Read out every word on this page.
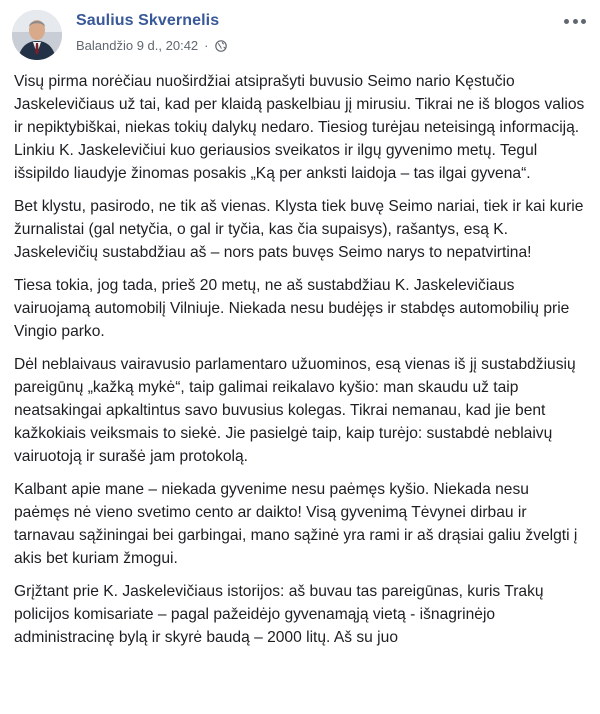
Saulius Skvernelis
Balandžio 9 d., 20:42 ·

Visų pirma norėčiau nuoširdžiai atsiprašyti buvusio Seimo nario Kęstučio Jaskelevičiaus už tai, kad per klaidą paskelbiau jį mirusiu. Tikrai ne iš blogos valios ir nepiktybiškai, niekas tokių dalykų nedaro. Tiesiog turėjau neteisingą informaciją. Linkiu K. Jaskelevičiui kuo geriausios sveikatos ir ilgų gyvenimo metų. Tegul išsipildo liaudyje žinomas posakis „Ką per anksti laidoja – tas ilgai gyvena“.

Bet klystu, pasirodo, ne tik aš vienas. Klysta tiek buvę Seimo nariai, tiek ir kai kurie žurnalistai (gal netyčia, o gal ir tyčia, kas čia supaisys), rašantys, esą K. Jaskelevičių sustabdžiau aš – nors pats buvęs Seimo narys to nepatvirtina!

Tiesa tokia, jog tada, prieš 20 metų, ne aš sustabdžiau K. Jaskelevičiaus vairuojamą automobilį Vilniuje. Niekada nesu budėjęs ir stabdęs automobilių prie Vingio parko.

Dėl neblaivaus vairavusio parlamentaro užuominos, esą vienas iš jį sustabdžiusių pareigūnų „kažką mykė“, taip galimai reikalavo kyšio: man skaudu už taip neatsakingai apkaltintus savo buvusius kolegas. Tikrai nemanau, kad jie bent kažkokiais veiksmais to siekė. Jie pasielgė taip, kaip turėjo: sustabdė neblaivų vairuotoją ir surašė jam protokolą.

Kalbant apie mane – niekada gyvenime nesu paėmęs kyšio. Niekada nesu paėmęs nė vieno svetimo cento ar daikto! Visą gyvenimą Tėvynei dirbau ir tarnavau sąžiningai bei garbingai, mano sąžinė yra rami ir aš drąsiai galiu žvelgti į akis bet kuriam žmogui.

Grįžtant prie K. Jaskelevičiaus istorijos: aš buvau tas pareigūnas, kuris Trakų policijos komisariate – pagal pažeidėjo gyvenamąją vietą - išnagrinėjo administracinę bylą ir skyrė baudą – 2000 litų. Aš su juo
